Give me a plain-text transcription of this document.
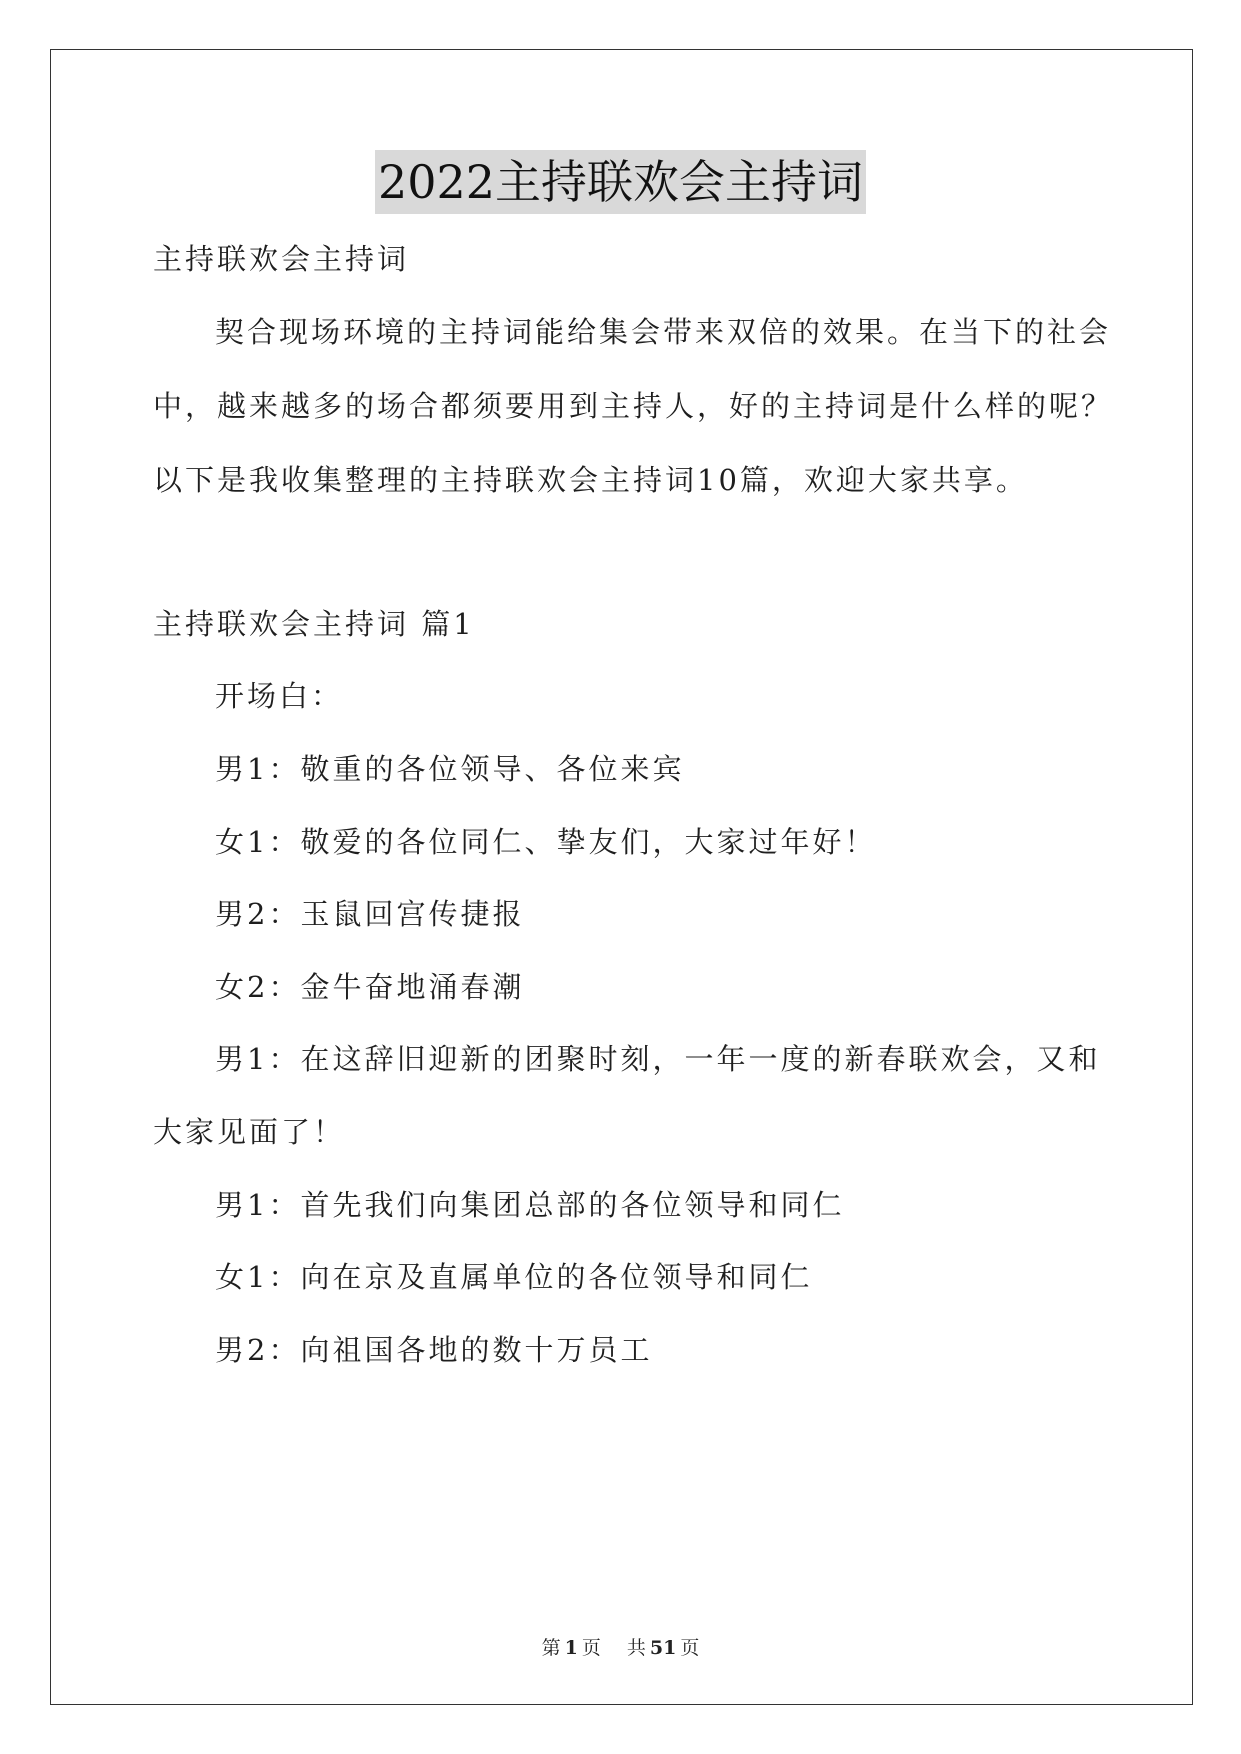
2022主持联欢会主持词
主持联欢会主持词
契合现场环境的主持词能给集会带来双倍的效果。在当下的社会
中，越来越多的场合都须要用到主持人，好的主持词是什么样的呢？
以下是我收集整理的主持联欢会主持词10篇，欢迎大家共享。
主持联欢会主持词 篇1
开场白：
男1：敬重的各位领导、各位来宾
女1：敬爱的各位同仁、挚友们，大家过年好！
男2：玉鼠回宫传捷报
女2：金牛奋地涌春潮
男1：在这辞旧迎新的团聚时刻，一年一度的新春联欢会，又和
大家见面了！
男1：首先我们向集团总部的各位领导和同仁
女1：向在京及直属单位的各位领导和同仁
男2：向祖国各地的数十万员工
第 1 页 共 51 页
